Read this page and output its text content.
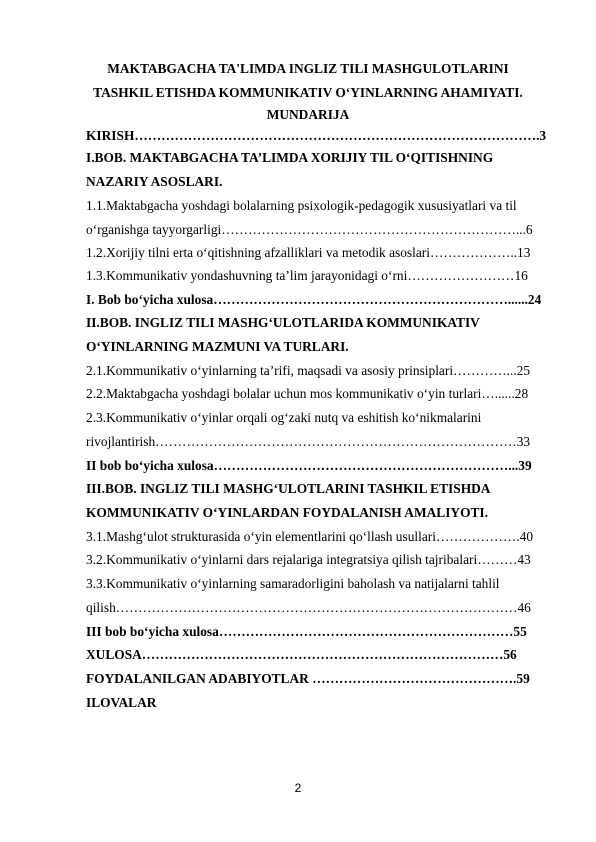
MAKTABGACHA TA'LIMDA INGLIZ TILI MASHGULOTLARINI
TASHKIL ETISHDA KOMMUNIKATIV O‘YINLARNING AHAMIYATI.
MUNDARIJA
KIRISH……………………………………………………………………………….3
I.BOB. MAKTABGACHA TA’LIMDA XORIJIY TIL O‘QITISHNING
NAZARIY ASOSLARI.
1.1.Maktabgacha yoshdagi bolalarning psixologik-pedagogik xususiyatlari va til
o‘rganishga tayyorgarligi…………………………………………………………...6
1.2.Xorijiy tilni erta o‘qitishning afzalliklari va metodik asoslari………………..13
1.3.Kommunikativ yondashuvning ta’lim jarayonidagi o‘rni……………………16
I. Bob bo‘yicha xulosa…………………………………………………………......24
II.BOB. INGLIZ TILI MASHG‘ULOTLARIDA KOMMUNIKATIV
O‘YINLARNING MAZMUNI VA TURLARI.
2.1.Kommunikativ o‘yinlarning ta’rifi, maqsadi va asosiy prinsiplari…………...25
2.2.Maktabgacha yoshdagi bolalar uchun mos kommunikativ o‘yin turlari…......28
2.3.Kommunikativ o‘yinlar orqali og‘zaki nutq va eshitish ko‘nikmalarini
rivojlantirish………………………………………………………………………33
II bob bo‘yicha xulosa…………………………………………………………...39
III.BOB. INGLIZ TILI MASHG‘ULOTLARINI TASHKIL ETISHDA
KOMMUNIKATIV O‘YINLARDAN FOYDALANISH AMALIYOTI.
3.1.Mashg‘ulot strukturasida o‘yin elementlarini qo‘llash usullari……………….40
3.2.Kommunikativ o‘yinlarni dars rejalariga integratsiya qilish tajribalari………43
3.3.Kommunikativ o‘yinlarning samaradorligini baholash va natijalarni tahlil
qilish………………………………………………………………………………46
III bob bo‘yicha xulosa…………………………………………………………55
XULOSA………………………………………………………………………56
FOYDALANILGAN ADABIYOTLAR ……………………………………….59
ILOVALAR
2
